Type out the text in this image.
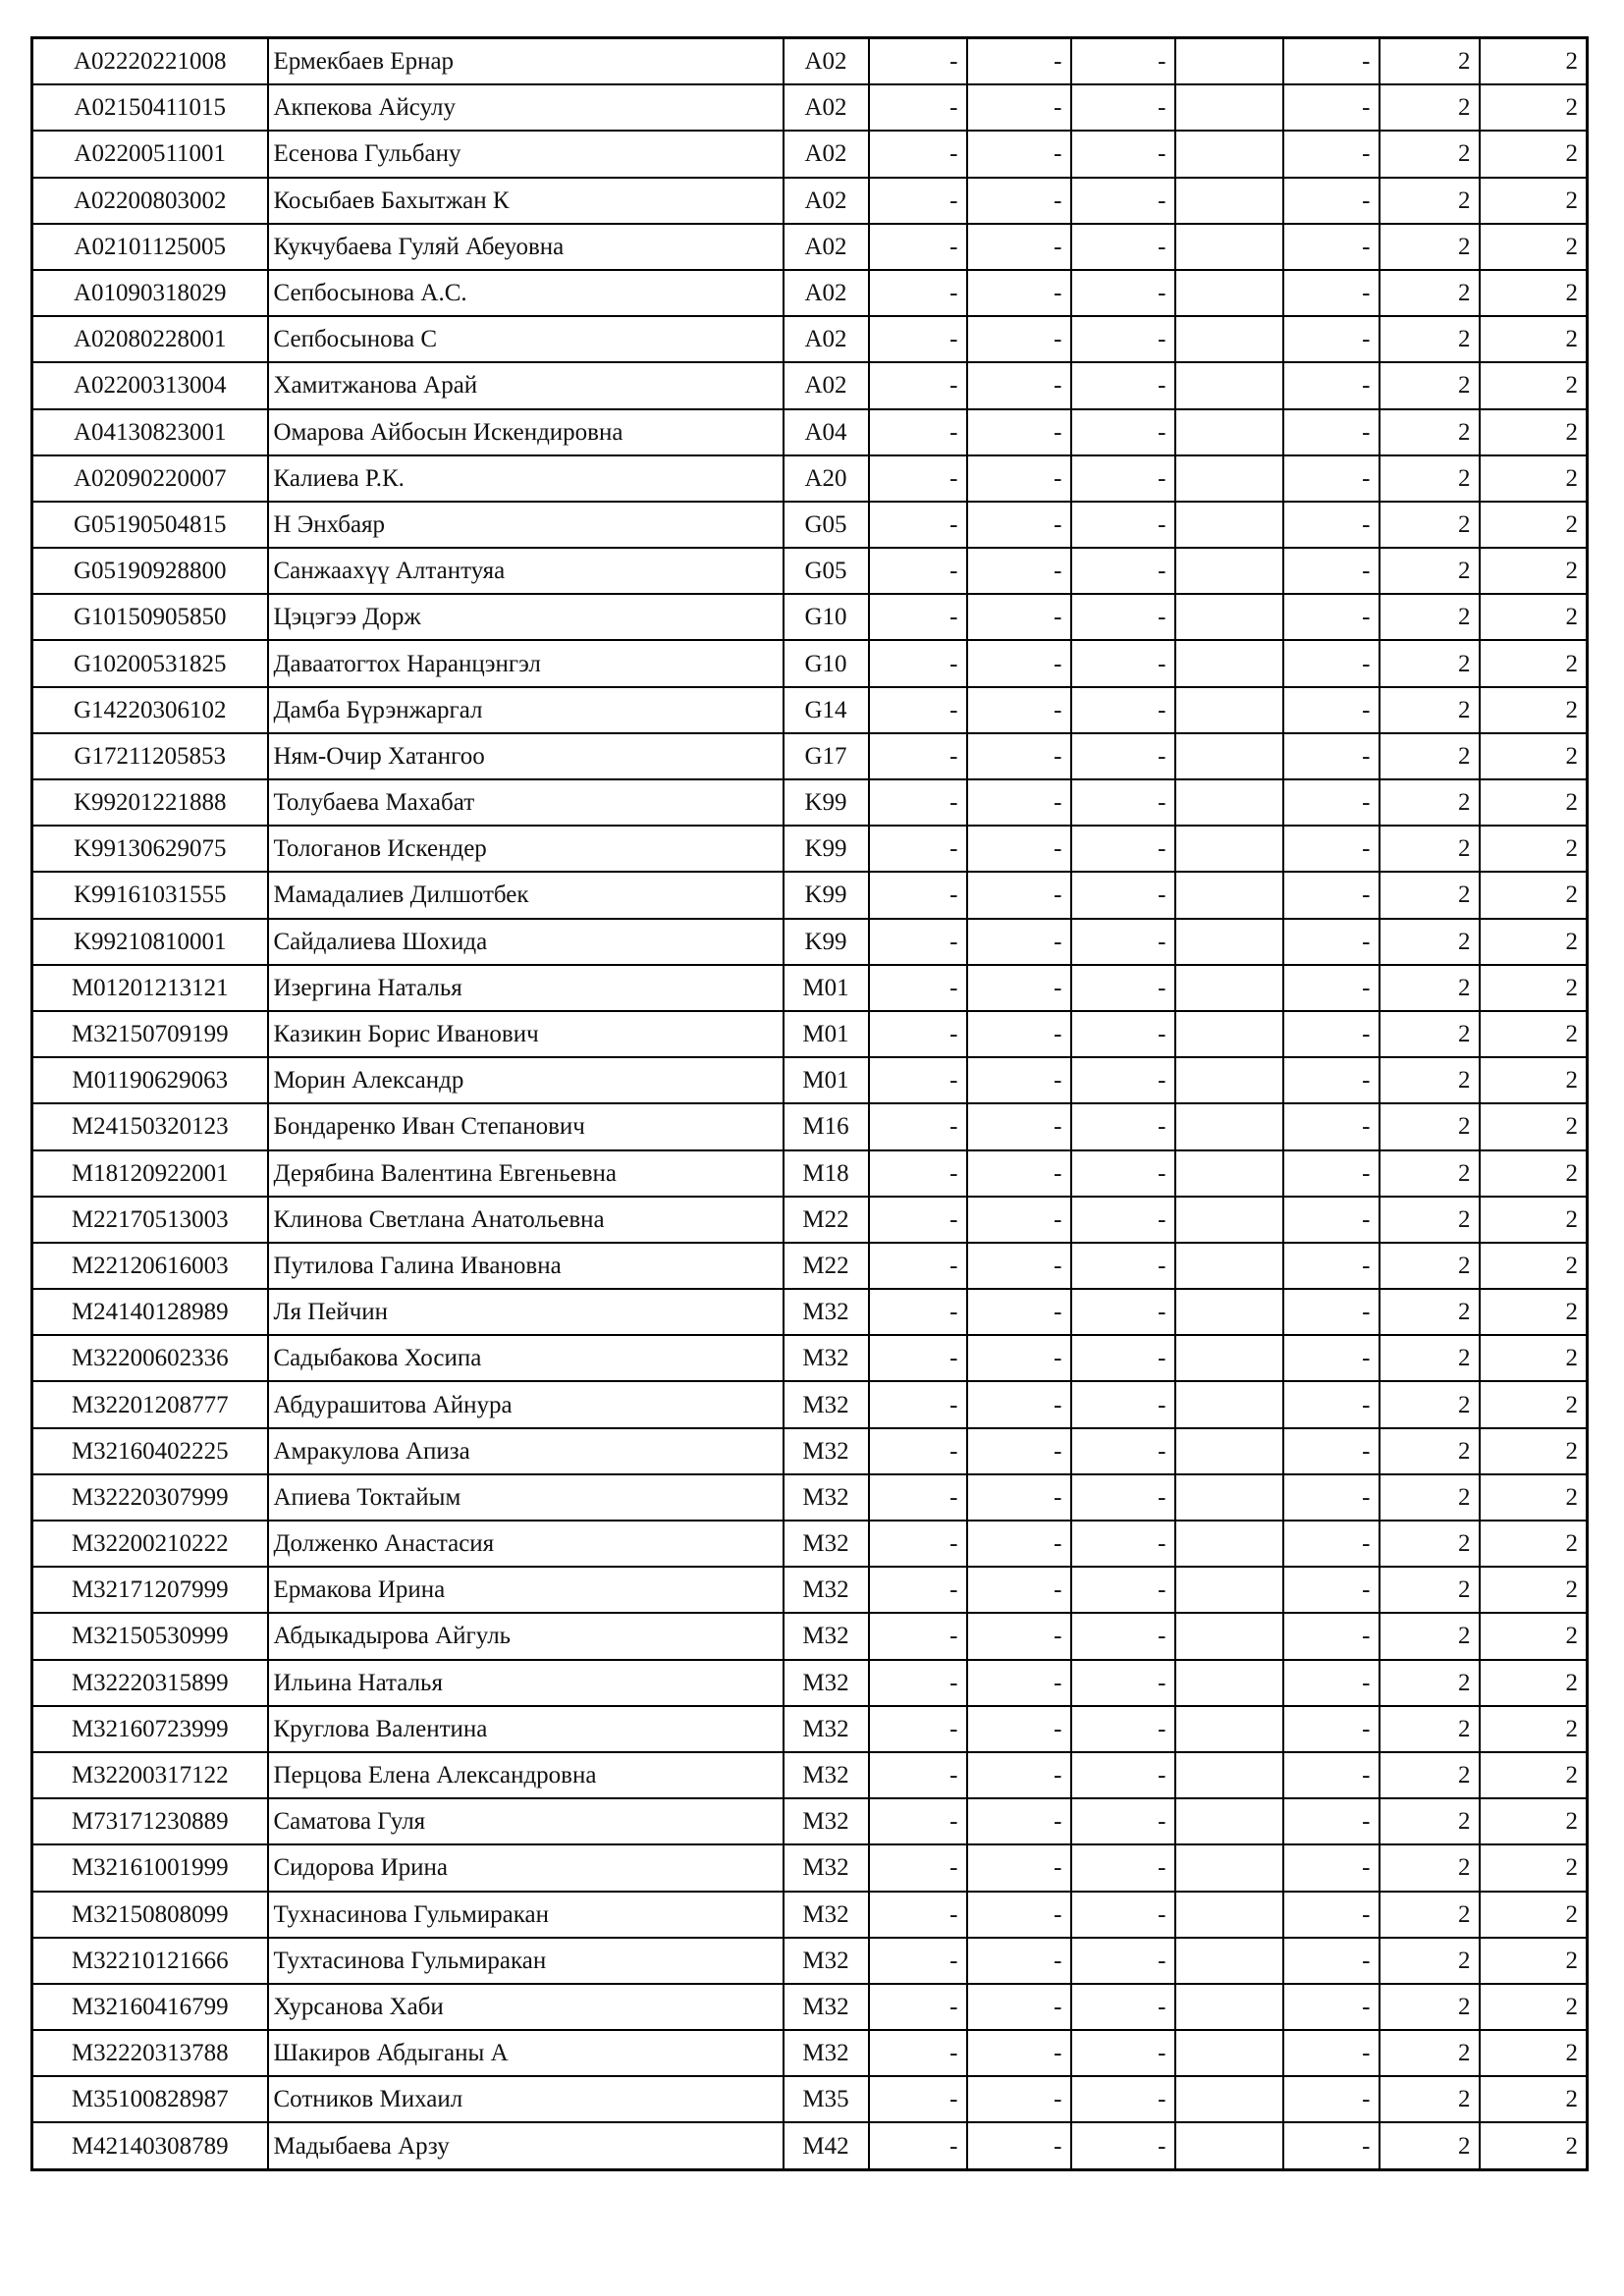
A02220221008	Ермекбаев Ернар	A02	-	-	-		-	2	2
A02150411015	Акпекова Айсулу	A02	-	-	-		-	2	2
A02200511001	Есенова Гульбану	A02	-	-	-		-	2	2
A02200803002	Косыбаев Бахытжан К	A02	-	-	-		-	2	2
A02101125005	Кукчубаева Гуляй Абеуовна	A02	-	-	-		-	2	2
A01090318029	Сепбосынова А.С.	A02	-	-	-		-	2	2
A02080228001	Сепбосынова С	A02	-	-	-		-	2	2
A02200313004	Хамитжанова Арай	A02	-	-	-		-	2	2
A04130823001	Омарова Айбосын Искендировна	A04	-	-	-		-	2	2
A02090220007	Калиева Р.К.	A20	-	-	-		-	2	2
G05190504815	Н Энхбаяр	G05	-	-	-		-	2	2
G05190928800	Санжаахүү Алтантуяа	G05	-	-	-		-	2	2
G10150905850	Цэцэгээ Дорж	G10	-	-	-		-	2	2
G10200531825	Даваатогтох Наранцэнгэл	G10	-	-	-		-	2	2
G14220306102	Дамба Бүрэнжаргал	G14	-	-	-		-	2	2
G17211205853	Ням-Очир Хатангоо	G17	-	-	-		-	2	2
K99201221888	Толубаева Махабат	K99	-	-	-		-	2	2
K99130629075	Тологанов Искендер	K99	-	-	-		-	2	2
K99161031555	Мамадалиев Дилшотбек	K99	-	-	-		-	2	2
K99210810001	Сайдалиева Шохида	K99	-	-	-		-	2	2
M01201213121	Изергина Наталья	M01	-	-	-		-	2	2
M32150709199	Казикин Борис Иванович	M01	-	-	-		-	2	2
M01190629063	Морин Александр	M01	-	-	-		-	2	2
M24150320123	Бондаренко Иван Степанович	M16	-	-	-		-	2	2
M18120922001	Дерябина Валентина Евгеньевна	M18	-	-	-		-	2	2
M22170513003	Клинова Светлана Анатольевна	M22	-	-	-		-	2	2
M22120616003	Путилова Галина Ивановна	M22	-	-	-		-	2	2
M24140128989	Ля Пейчин	M32	-	-	-		-	2	2
M32200602336	Садыбакова Хосипа	M32	-	-	-		-	2	2
M32201208777	Абдурашитова Айнура	M32	-	-	-		-	2	2
M32160402225	Амракулова Апиза	M32	-	-	-		-	2	2
M32220307999	Апиева Токтайым	M32	-	-	-		-	2	2
M32200210222	Долженко Анастасия	M32	-	-	-		-	2	2
M32171207999	Ермакова Ирина	M32	-	-	-		-	2	2
M32150530999	Абдыкадырова Айгуль	M32	-	-	-		-	2	2
M32220315899	Ильина Наталья	M32	-	-	-		-	2	2
M32160723999	Круглова Валентина	M32	-	-	-		-	2	2
M32200317122	Перцова Елена Александровна	M32	-	-	-		-	2	2
M73171230889	Саматова Гуля	M32	-	-	-		-	2	2
M32161001999	Сидорова Ирина	M32	-	-	-		-	2	2
M32150808099	Тухнасинова Гульмиракан	M32	-	-	-		-	2	2
M32210121666	Тухтасинова Гульмиракан	M32	-	-	-		-	2	2
M32160416799	Хурсанова Хаби	M32	-	-	-		-	2	2
M32220313788	Шакиров Абдыганы А	M32	-	-	-		-	2	2
M35100828987	Сотников Михаил	M35	-	-	-		-	2	2
M42140308789	Мадыбаева Арзу	M42	-	-	-		-	2	2
